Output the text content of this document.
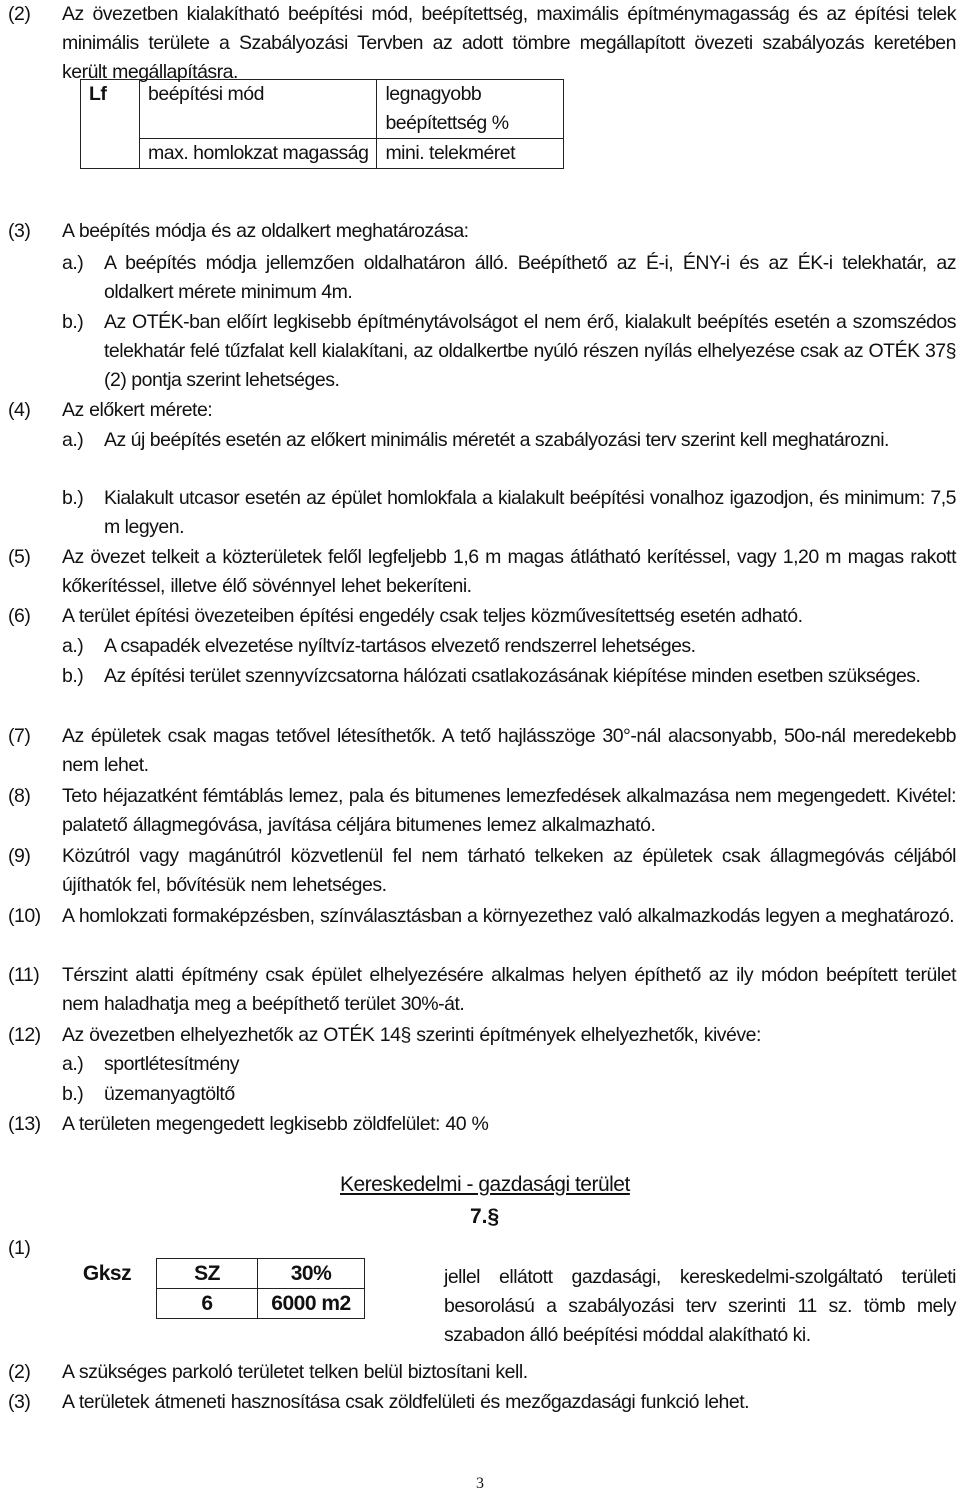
(2) Az övezetben kialakítható beépítési mód, beépítettség, maximális építménymagasság és az építési telek minimális területe a Szabályozási Tervben az adott tömbre megállapított övezeti szabályozás keretében került megállapításra.
Lf	beépítési mód	legnagyobb beépítettség %
	max. homlokzat magasság	mini. telekméret
(3) A beépítés módja és az oldalkert meghatározása:
a.) A beépítés módja jellemzően oldalhatáron álló. Beépíthető az É-i, ÉNY-i és az ÉK-i telekhatár, az oldalkert mérete minimum 4m.
b.) Az OTÉK-ban előírt legkisebb építménytávolságot el nem érő, kialakult beépítés esetén a szomszédos telekhatár felé tűzfalat kell kialakítani, az oldalkertbe nyúló részen nyílás elhelyezése csak az OTÉK 37§ (2) pontja szerint lehetséges.
(4) Az előkert mérete:
a.) Az új beépítés esetén az előkert minimális méretét a szabályozási terv szerint kell meghatározni.
b.) Kialakult utcasor esetén az épület homlokfala a kialakult beépítési vonalhoz igazodjon, és minimum: 7,5 m legyen.
(5) Az övezet telkeit a közterületek felől legfeljebb 1,6 m magas átlátható kerítéssel, vagy 1,20 m magas rakott kőkerítéssel, illetve élő sövénnyel lehet bekeríteni.
(6) A terület építési övezeteiben építési engedély csak teljes közművesítettség esetén adható.
a.) A csapadék elvezetése nyíltvíz-tartásos elvezető rendszerrel lehetséges.
b.) Az építési terület szennyvízcsatorna hálózati csatlakozásának kiépítése minden esetben szükséges.
(7) Az épületek csak magas tetővel létesíthetők. A tető hajlásszöge 30°-nál alacsonyabb, 50o-nál meredekebb nem lehet.
(8) Teto héjazatként fémtáblás lemez, pala és bitumenes lemezfedések alkalmazása nem megengedett. Kivétel: palatető állagmegóvása, javítása céljára bitumenes lemez alkalmazható.
(9) Közútról vagy magánútról közvetlenül fel nem tárható telkeken az épületek csak állagmegóvás céljából újíthatók fel, bővítésük nem lehetséges.
(10) A homlokzati formaképzésben, színválasztásban a környezethez való alkalmazkodás legyen a meghatározó.
(11) Térszint alatti építmény csak épület elhelyezésére alkalmas helyen építhető az ily módon beépített terület nem haladhatja meg a beépíthető terület 30%-át.
(12) Az övezetben elhelyezhetők az OTÉK 14§ szerinti építmények elhelyezhetők, kivéve:
a.) sportlétesítmény
b.) üzemanyagtöltő
(13) A területen megengedett legkisebb zöldfelület: 40 %
Kereskedelmi - gazdasági terület
7.§
(1)
Gksz	SZ	30%
	6	6000 m2
jellel ellátott gazdasági, kereskedelmi-szolgáltató területi besorolású a szabályozási terv szerinti 11 sz. tömb mely szabadon álló beépítési móddal alakítható ki.
(2) A szükséges parkoló területet telken belül biztosítani kell.
(3) A területek átmeneti hasznosítása csak zöldfelületi és mezőgazdasági funkció lehet.
3
